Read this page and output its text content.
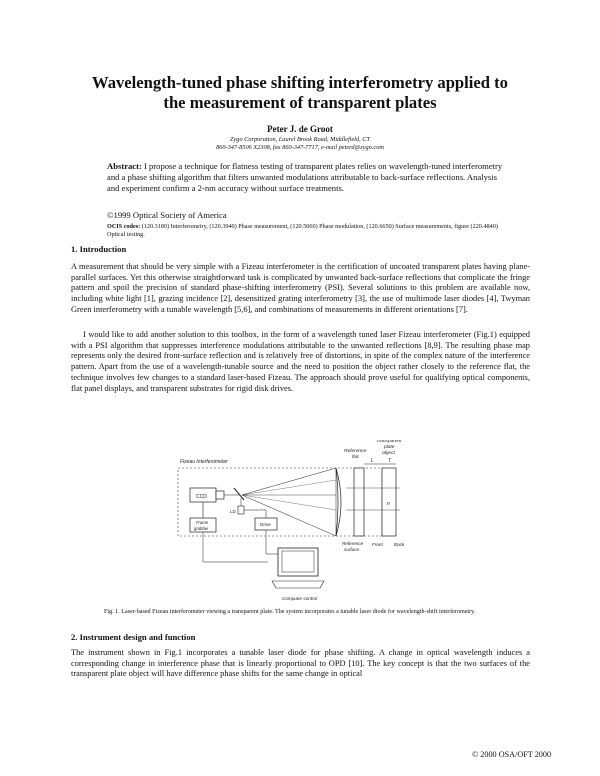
Wavelength-tuned phase shifting interferometry applied to
the measurement of transparent plates
Peter J. de Groot
Zygo Corporation, Laurel Brook Road, Middlefield, CT
860-347-8506 X2308, fax 860-347-7717, e-mail peterd@zygo.com
Abstract: I propose a technique for flatness testing of transparent plates relies on wavelength-tuned interferometry and a phase shifting algorithm that filters unwanted modulations attributable to back-surface reflections. Analysis and experiment confirm a 2-nm accuracy without surface treatments.
©1999 Optical Society of America
OCIS codes: (120.3180) Interferometry, (120.3940) Phase measurement, (120.5060) Phase modulation, (120.6650) Surface measurements, figure (220.4840) Optical testing.
1. Introduction
A measurement that should be very simple with a Fizeau interferometer is the certification of uncoated transparent plates having plane-parallel surfaces. Yet this otherwise straightforward task is complicated by unwanted back-surface reflections that complicate the fringe pattern and spoil the precision of standard phase-shifting interferometry (PSI). Several solutions to this problem are available now, including white light [1], grazing incidence [2], desensitized grating interferometry [3], the use of multimode laser diodes [4], Twyman Green interferometry with a tunable wavelength [5,6], and combinations of measurements in different orientations [7].
I would like to add another solution to this toolbox, in the form of a wavelength tuned laser Fizeau interferometer (Fig.1) equipped with a PSI algorithm that suppresses interference modulations attributable to the unwanted reflections [8,9]. The resulting phase map represents only the desired front-surface reflection and is relatively free of distortions, in spite of the complex nature of the interference pattern. Apart from the use of a wavelength-tunable source and the need to position the object rather closely to the reference flat, the technique involves few changes to a standard laser-based Fizeau. The approach should prove useful for qualifying optical components, flat panel displays, and transparent substrates for rigid disk drives.
Fizeau Interferometer
CCD
Frame
grabber
LD
Drive
Reference
flat
n
Transparent
plate
object
L	T
Reference
surface
Front Back
Computer control
Fig. 1. Laser-based Fizeau interferometer viewing a transparent plate. The system incorporates a tunable laser diode for wavelength-shift interferometry.
2. Instrument design and function
The instrument shown in Fig.1 incorporates a tunable laser diode for phase shifting. A change in optical wavelength induces a corresponding change in interference phase that is linearly proportional to OPD [10]. The key concept is that the two surfaces of the transparent plate object will have difference phase shifts for the same change in optical
© 2000 OSA/OFT 2000
